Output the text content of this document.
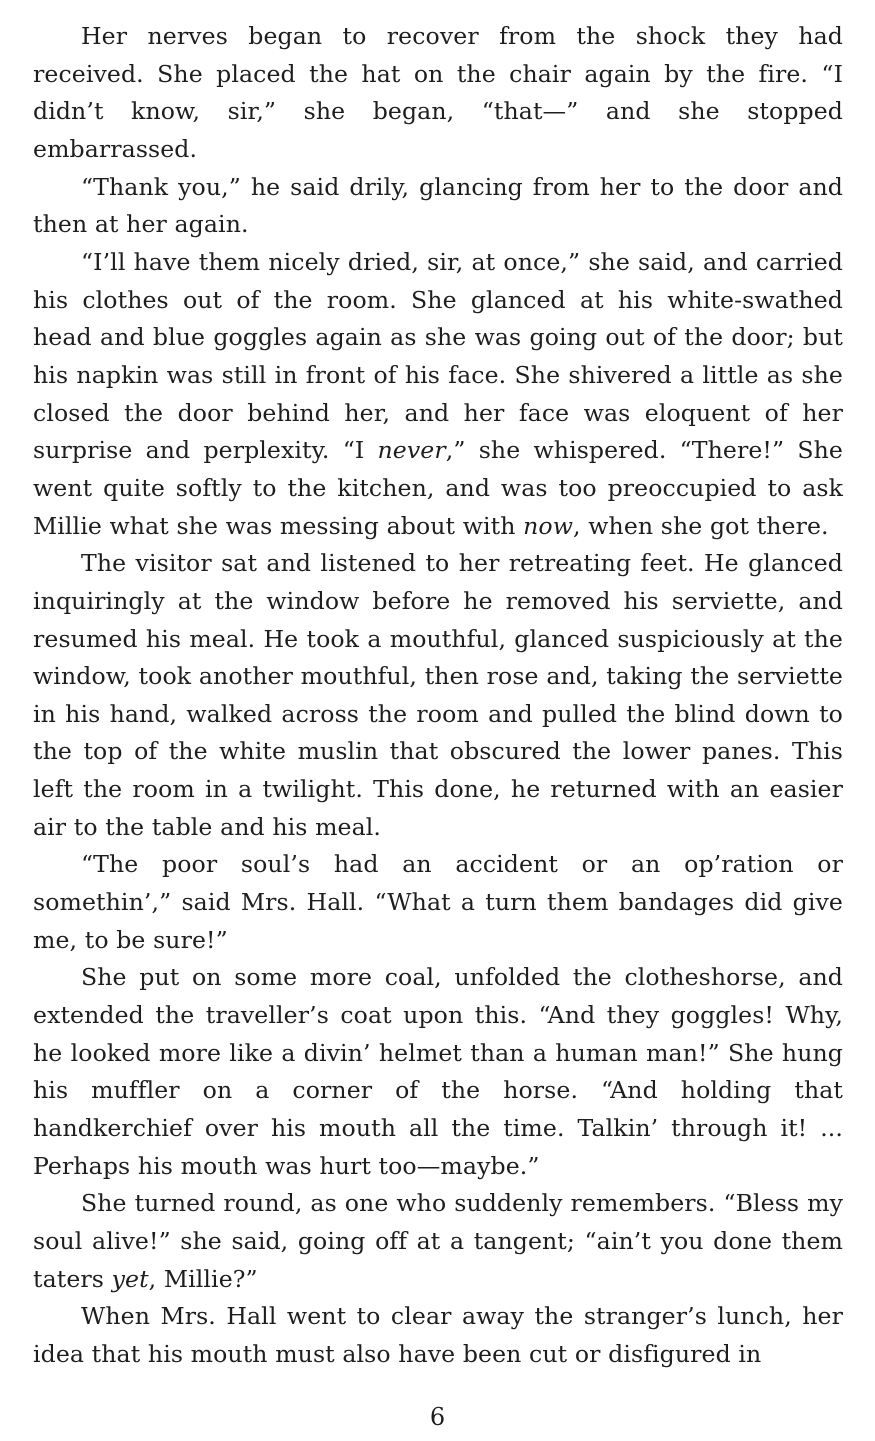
Her nerves began to recover from the shock they had received. She placed the hat on the chair again by the fire. “I didn’t know, sir,” she began, “that—” and she stopped embarrassed.

“Thank you,” he said drily, glancing from her to the door and then at her again.

“I’ll have them nicely dried, sir, at once,” she said, and carried his clothes out of the room. She glanced at his white-swathed head and blue goggles again as she was going out of the door; but his napkin was still in front of his face. She shivered a little as she closed the door behind her, and her face was eloquent of her surprise and perplexity. “I never,” she whispered. “There!” She went quite softly to the kitchen, and was too preoccupied to ask Millie what she was messing about with now, when she got there.

The visitor sat and listened to her retreating feet. He glanced inquiringly at the window before he removed his serviette, and resumed his meal. He took a mouthful, glanced suspiciously at the window, took another mouthful, then rose and, taking the serviette in his hand, walked across the room and pulled the blind down to the top of the white muslin that obscured the lower panes. This left the room in a twilight. This done, he returned with an easier air to the table and his meal.

“The poor soul’s had an accident or an op’ration or somethin’,” said Mrs. Hall. “What a turn them bandages did give me, to be sure!”

She put on some more coal, unfolded the clotheshorse, and extended the traveller’s coat upon this. “And they goggles! Why, he looked more like a divin’ helmet than a human man!” She hung his muffler on a corner of the horse. “And holding that handkerchief over his mouth all the time. Talkin’ through it! ... Perhaps his mouth was hurt too—maybe.”

She turned round, as one who suddenly remembers. “Bless my soul alive!” she said, going off at a tangent; “ain’t you done them taters yet, Millie?”

When Mrs. Hall went to clear away the stranger’s lunch, her idea that his mouth must also have been cut or disfigured in

6
